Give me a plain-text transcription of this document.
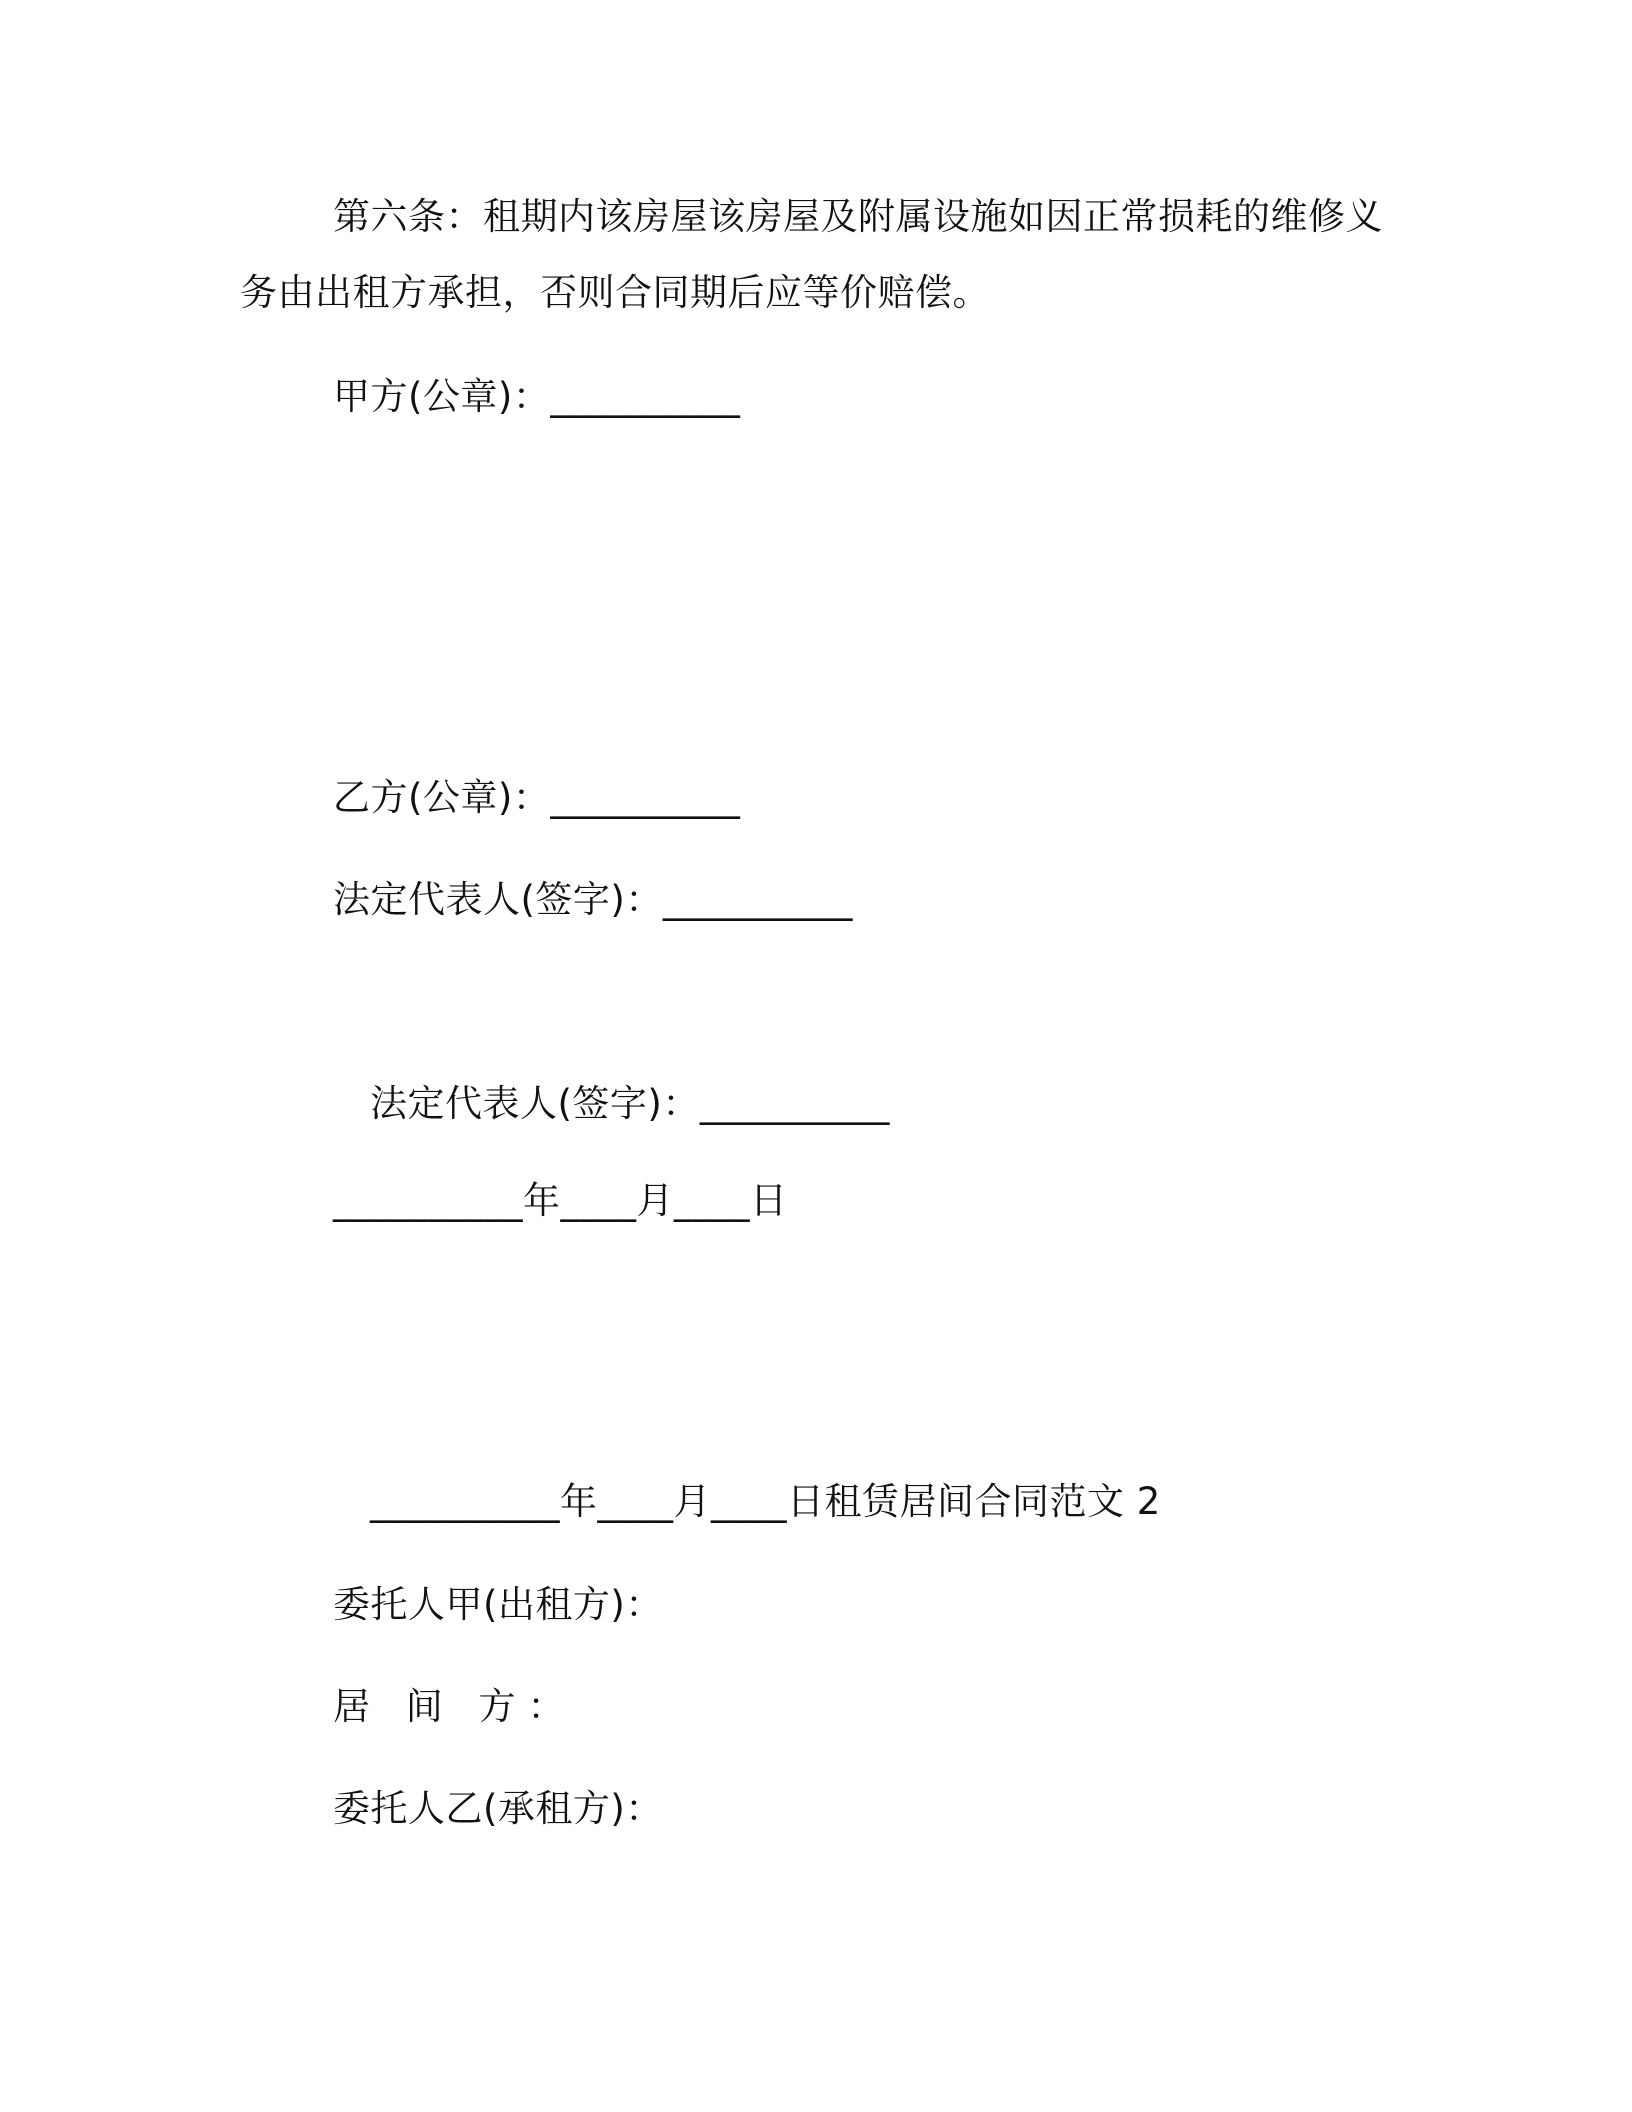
第六条：租期内该房屋该房屋及附属设施如因正常损耗的维修义

务由出租方承担，否则合同期后应等价赔偿。

甲方(公章)：__________

乙方(公章)：__________

法定代表人(签字)：__________

法定代表人(签字)：__________

__________年____月____日

__________年____月____日租赁居间合同范文 2

委托人甲(出租方)：

居 间 方：

委托人乙(承租方)：
